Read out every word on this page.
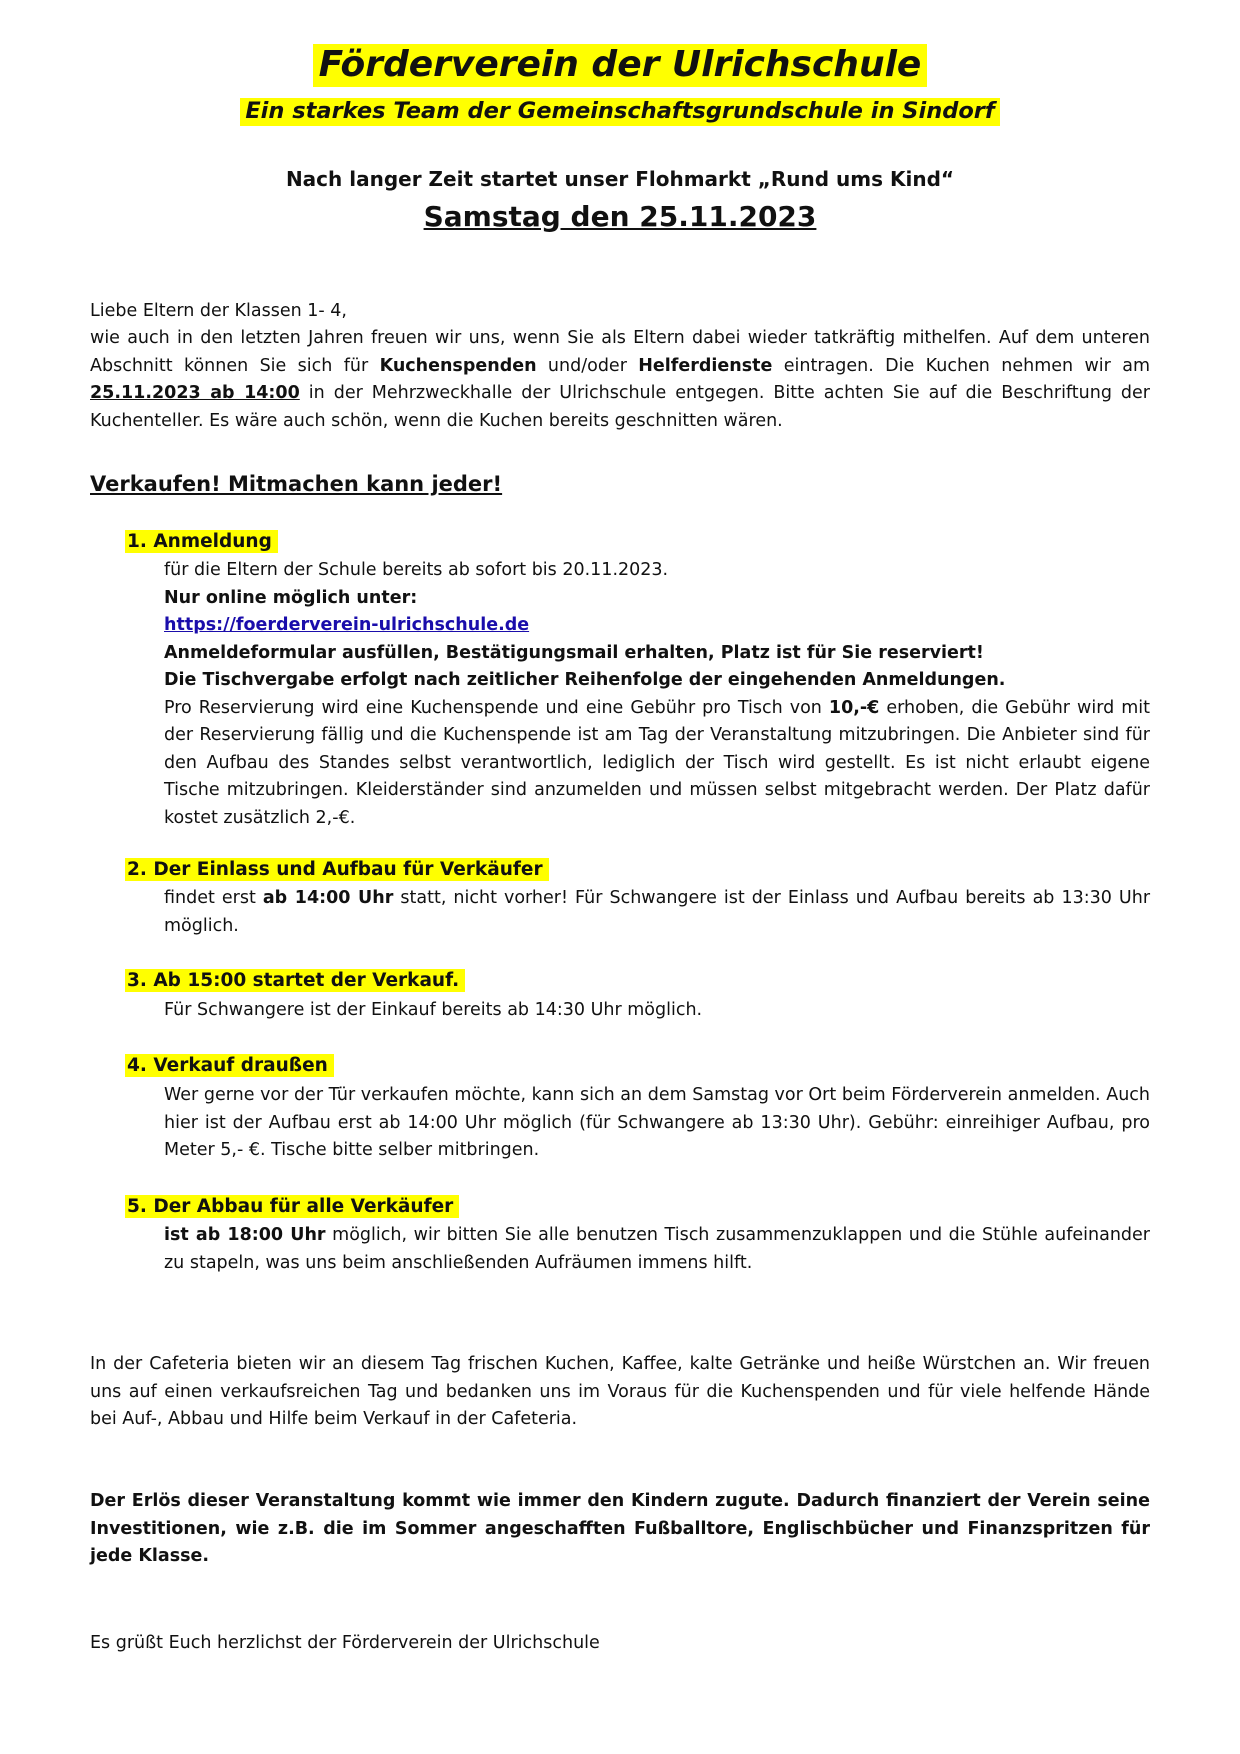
Förderverein der Ulrichschule
Ein starkes Team der Gemeinschaftsgrundschule in Sindorf
Nach langer Zeit startet unser Flohmarkt „Rund ums Kind“
Samstag den 25.11.2023
Liebe Eltern der Klassen 1- 4,
wie auch in den letzten Jahren freuen wir uns, wenn Sie als Eltern dabei wieder tatkräftig mithelfen. Auf dem unteren Abschnitt können Sie sich für Kuchenspenden und/oder Helferdienste eintragen. Die Kuchen nehmen wir am 25.11.2023 ab 14:00 in der Mehrzweckhalle der Ulrichschule entgegen. Bitte achten Sie auf die Beschriftung der Kuchenteller. Es wäre auch schön, wenn die Kuchen bereits geschnitten wären.
Verkaufen! Mitmachen kann jeder!
1. Anmeldung
für die Eltern der Schule bereits ab sofort bis 20.11.2023.
Nur online möglich unter:
https://foerderverein-ulrichschule.de
Anmeldeformular ausfüllen, Bestätigungsmail erhalten, Platz ist für Sie reserviert!
Die Tischvergabe erfolgt nach zeitlicher Reihenfolge der eingehenden Anmeldungen.
Pro Reservierung wird eine Kuchenspende und eine Gebühr pro Tisch von 10,-€ erhoben, die Gebühr wird mit der Reservierung fällig und die Kuchenspende ist am Tag der Veranstaltung mitzubringen. Die Anbieter sind für den Aufbau des Standes selbst verantwortlich, lediglich der Tisch wird gestellt. Es ist nicht erlaubt eigene Tische mitzubringen. Kleiderständer sind anzumelden und müssen selbst mitgebracht werden. Der Platz dafür kostet zusätzlich 2,-€.
2. Der Einlass und Aufbau für Verkäufer
findet erst ab 14:00 Uhr statt, nicht vorher! Für Schwangere ist der Einlass und Aufbau bereits ab 13:30 Uhr möglich.
3. Ab 15:00 startet der Verkauf.
Für Schwangere ist der Einkauf bereits ab 14:30 Uhr möglich.
4. Verkauf draußen
Wer gerne vor der Tür verkaufen möchte, kann sich an dem Samstag vor Ort beim Förderverein anmelden. Auch hier ist der Aufbau erst ab 14:00 Uhr möglich (für Schwangere ab 13:30 Uhr). Gebühr: einreihiger Aufbau, pro Meter 5,- €. Tische bitte selber mitbringen.
5. Der Abbau für alle Verkäufer
ist ab 18:00 Uhr möglich, wir bitten Sie alle benutzen Tisch zusammenzuklappen und die Stühle aufeinander zu stapeln, was uns beim anschließenden Aufräumen immens hilft.
In der Cafeteria bieten wir an diesem Tag frischen Kuchen, Kaffee, kalte Getränke und heiße Würstchen an. Wir freuen uns auf einen verkaufsreichen Tag und bedanken uns im Voraus für die Kuchenspenden und für viele helfende Hände bei Auf-, Abbau und Hilfe beim Verkauf in der Cafeteria.
Der Erlös dieser Veranstaltung kommt wie immer den Kindern zugute. Dadurch finanziert der Verein seine Investitionen, wie z.B. die im Sommer angeschafften Fußballtore, Englischbücher und Finanzspritzen für jede Klasse.
Es grüßt Euch herzlichst der Förderverein der Ulrichschule
